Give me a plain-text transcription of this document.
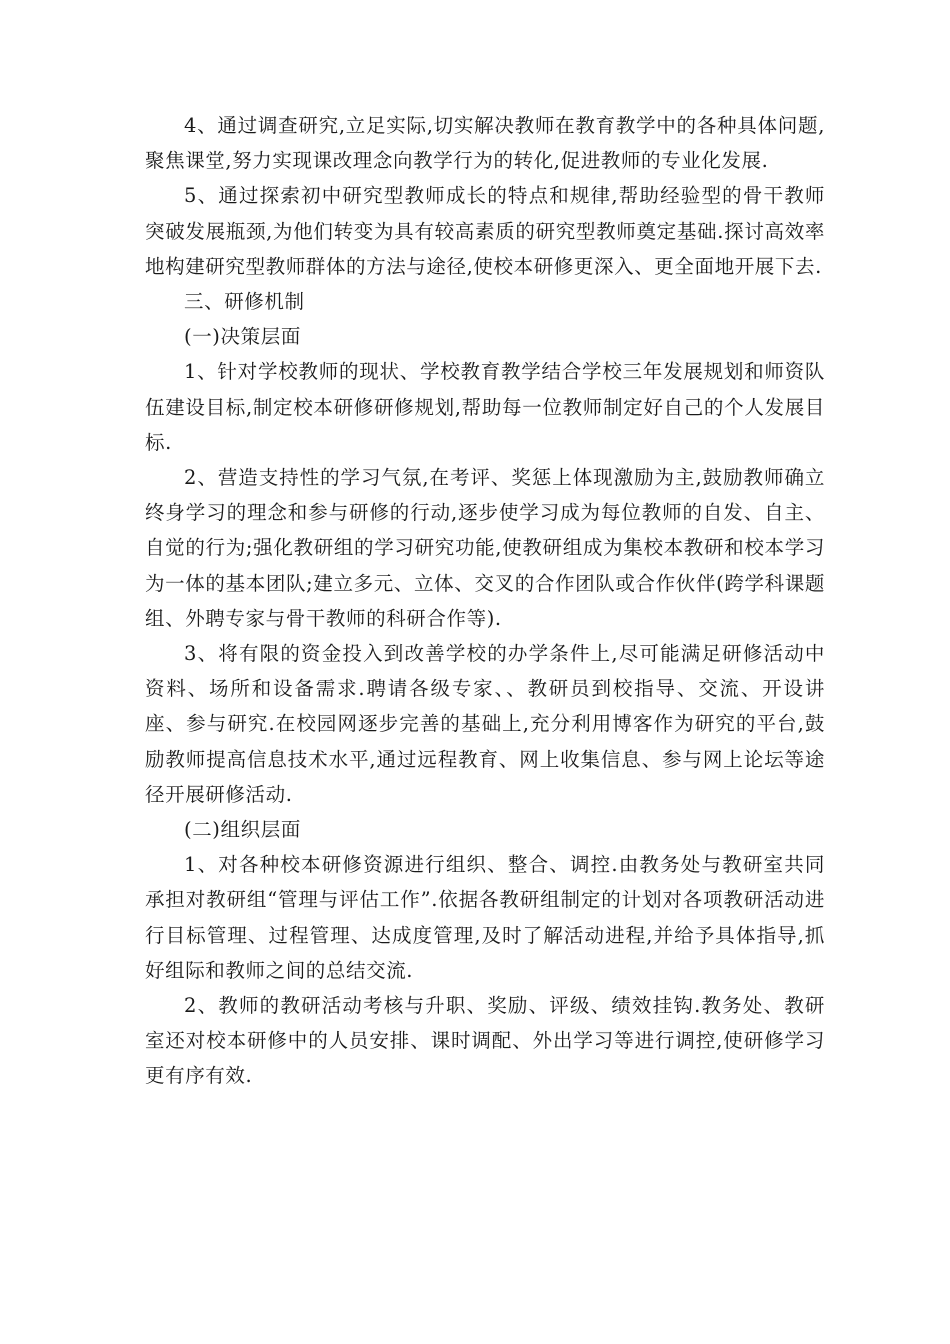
4、通过调查研究,立足实际,切实解决教师在教育教学中的各种具体问题,聚焦课堂,努力实现课改理念向教学行为的转化,促进教师的专业化发展.

5、通过探索初中研究型教师成长的特点和规律,帮助经验型的骨干教师突破发展瓶颈,为他们转变为具有较高素质的研究型教师奠定基础.探讨高效率地构建研究型教师群体的方法与途径,使校本研修更深入、更全面地开展下去.

三、研修机制

(一)决策层面

1、针对学校教师的现状、学校教育教学结合学校三年发展规划和师资队伍建设目标,制定校本研修研修规划,帮助每一位教师制定好自己的个人发展目标.

2、营造支持性的学习气氛,在考评、奖惩上体现激励为主,鼓励教师确立终身学习的理念和参与研修的行动,逐步使学习成为每位教师的自发、自主、自觉的行为;强化教研组的学习研究功能,使教研组成为集校本教研和校本学习为一体的基本团队;建立多元、立体、交叉的合作团队或合作伙伴(跨学科课题组、外聘专家与骨干教师的科研合作等).

3、将有限的资金投入到改善学校的办学条件上,尽可能满足研修活动中资料、场所和设备需求.聘请各级专家、、教研员到校指导、交流、开设讲座、参与研究.在校园网逐步完善的基础上,充分利用博客作为研究的平台,鼓励教师提高信息技术水平,通过远程教育、网上收集信息、参与网上论坛等途径开展研修活动.

(二)组织层面

1、对各种校本研修资源进行组织、整合、调控.由教务处与教研室共同承担对教研组“管理与评估工作”.依据各教研组制定的计划对各项教研活动进行目标管理、过程管理、达成度管理,及时了解活动进程,并给予具体指导,抓好组际和教师之间的总结交流.

2、教师的教研活动考核与升职、奖励、评级、绩效挂钩.教务处、教研室还对校本研修中的人员安排、课时调配、外出学习等进行调控,使研修学习更有序有效.
